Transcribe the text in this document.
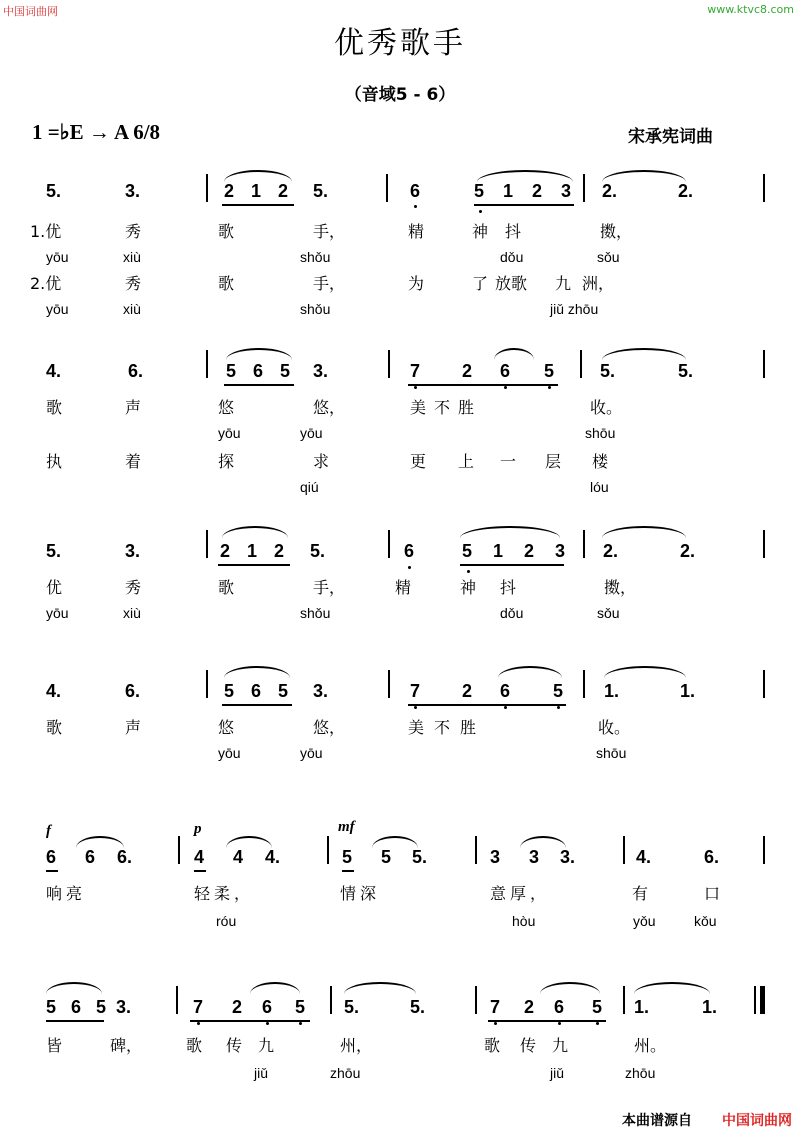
中国词曲网	www.ktvc8.com
优秀歌手
（音域5 - 6）
1 =♭E → A 6/8	宋承宪词曲
5.	3.	2 1 2 5.	6	5 1 2 3 2.	2.
1.优	秀	歌	手，	精	神 抖	擞，
yōu	xiù	shǒu	dǒu	sǒu
2.优	秀	歌	手，	为	了 放歌 九 洲，
yōu	xiù	shǒu	jiǔ zhōu
4.	6.	5 6 5 3.	7 2 6 5	5.	5.
歌	声	悠	悠，	美 不 胜	收。
yōu	yōu	shōu
执	着	探	求	更 上 一 层 楼
qiú	lóu
5.	3.	2 1 2 5.	6	5 1 2 3 2.	2.
优	秀	歌	手，	精	神 抖	擞，
yōu	xiù	shǒu	dǒu	sǒu
4.	6.	5 6 5 3.	7 2 6 5 1.	1.
歌	声	悠	悠，	美 不 胜	收。
yōu	yōu	shōu
f	p	mf
6 6 6.	4 4 4.	5 5 5.	3 3 3.	4.	6.
响亮	轻柔，	情深	意厚，	有	口
róu	hòu	yǒu	kǒu
5 6 5 3.	7 2 6 5 5.	5.	7 2 6 5 1.	1.
皆	碑，	歌 传 九	州，	歌 传 九	州。
jiǔ	zhōu	jiǔ	zhōu
本曲谱源自 中国词曲网
